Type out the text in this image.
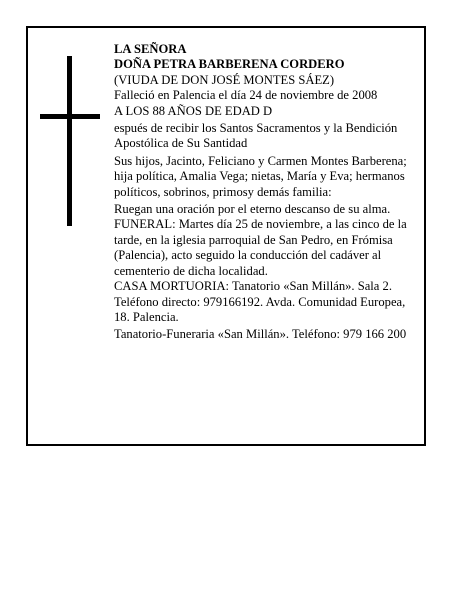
LA SEÑORA
DOÑA PETRA BARBERENA CORDERO
(VIUDA DE DON JOSÉ MONTES SÁEZ)
Falleció en Palencia el día 24 de noviembre de 2008
A LOS 88 AÑOS DE EDAD D
espués de recibir los Santos Sacramentos y la Bendición Apostólica de Su Santidad
Sus hijos, Jacinto, Feliciano y Carmen Montes Barberena; hija política, Amalia Vega; nietas, María y Eva; hermanos políticos, sobrinos, primosy demás familia:
Ruegan una oración por el eterno descanso de su alma.
FUNERAL: Martes día 25 de noviembre, a las cinco de la tarde, en la iglesia parroquial de San Pedro, en Frómisa (Palencia), acto seguido la conducción del cadáver al cementerio de dicha localidad.
CASA MORTUORIA: Tanatorio «San Millán». Sala 2. Teléfono directo: 979166192. Avda. Comunidad Europea, 18. Palencia.
Tanatorio-Funeraria «San Millán». Teléfono: 979 166 200
